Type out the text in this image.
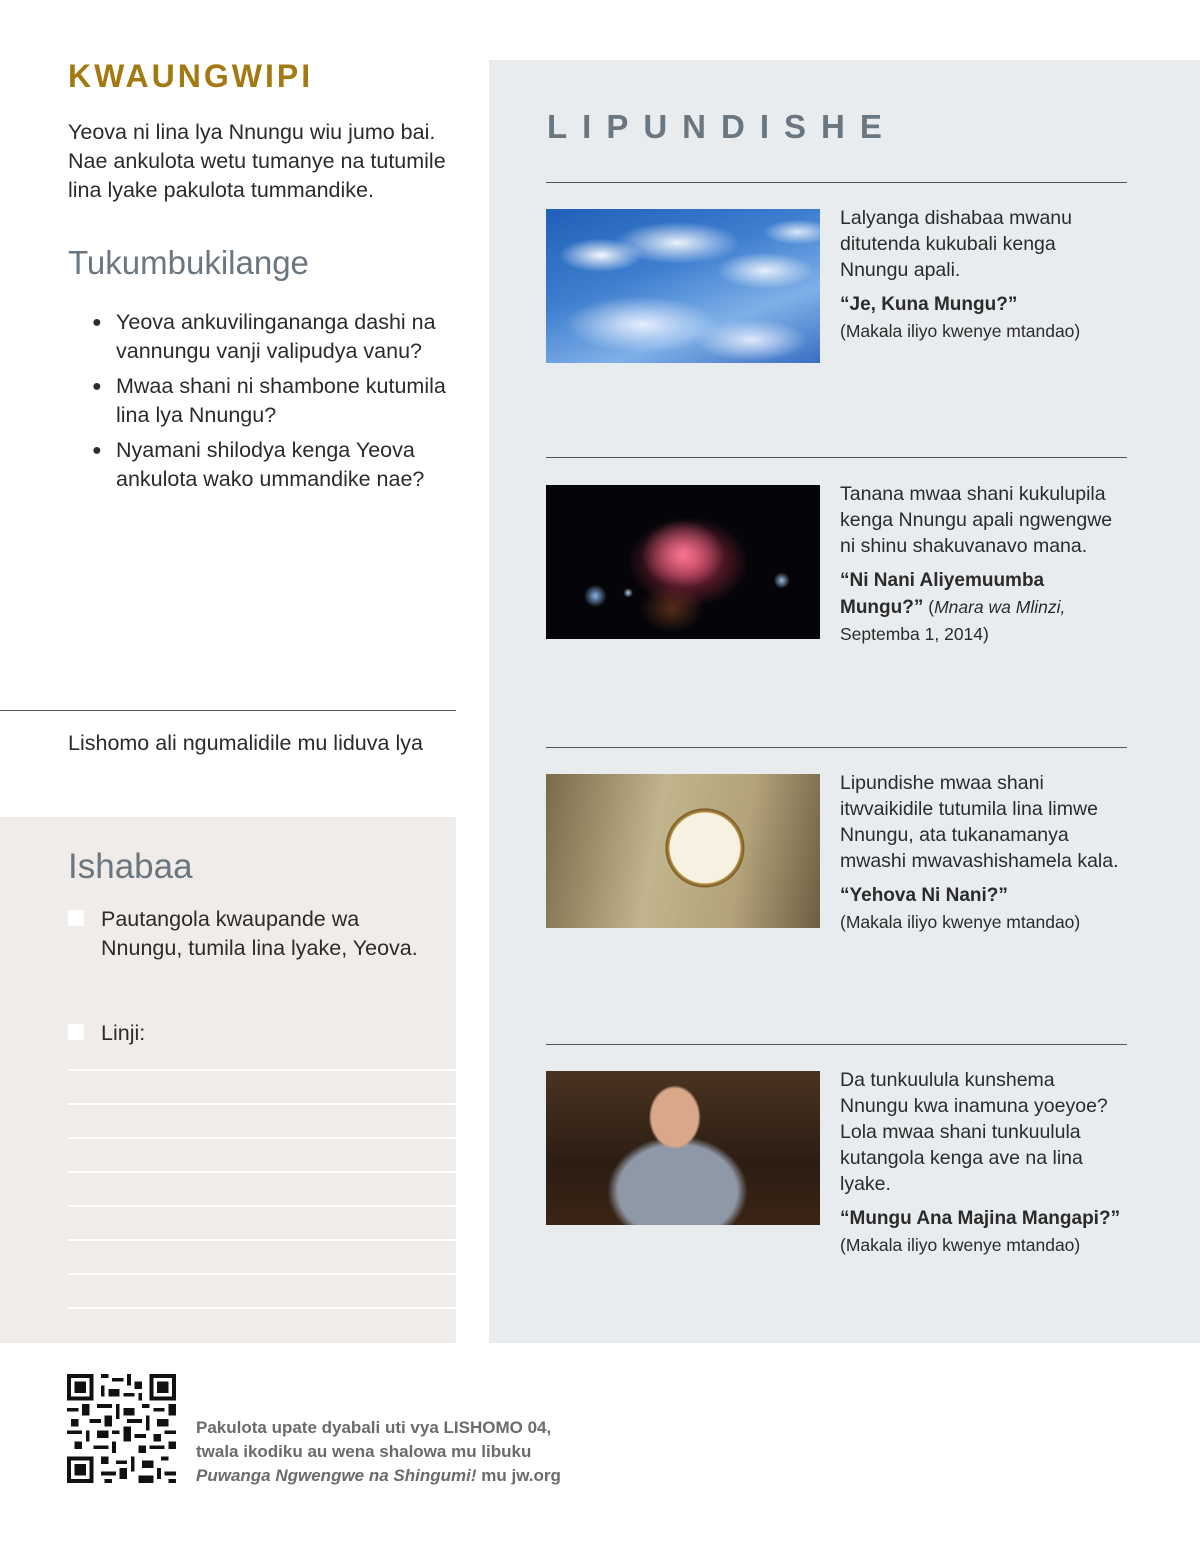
KWAUNGWIPI

Yeova ni lina lya Nnungu wiu jumo bai. Nae ankulota wetu tumanye na tutumile lina lyake pakulota tummandike.

Tukumbukilange
● Yeova ankuvilingananga dashi na vannungu vanji valipudya vanu?
● Mwaa shani ni shambone kutumila lina lya Nnungu?
● Nyamani shilodya kenga Yeova ankulota wako ummandike nae?

Lishomo ali ngumalidile mu liduva lya

Ishabaa
Pautangola kwaupande wa Nnungu, tumila lina lyake, Yeova.
Linji:
LIPUNDISHE

Lalyanga dishabaa mwanu ditutenda kukubali kenga Nnungu apali.

“Je, Kuna Mungu?”
(Makala iliyo kwenye mtandao)

Tanana mwaa shani kukulupila kenga Nnungu apali ngwengwe ni shinu shakuvanavo mana.

“Ni Nani Aliyemuumba Mungu?” (Mnara wa Mlinzi, Septemba 1, 2014)

Lipundishe mwaa shani itwvaikidile tutumila lina limwe Nnungu, ata tukanamanya mwashi mwavashishamela kala.

“Yehova Ni Nani?”
(Makala iliyo kwenye mtandao)

Da tunkuulula kunshema Nnungu kwa inamuna yoeyoe? Lola mwaa shani tunkuulula kutangola kenga ave na lina lyake.

“Mungu Ana Majina Mangapi?” (Makala iliyo kwenye mtandao)

Pakulota upate dyabali uti vya LISHOMO 04,
twala ikodiku au wena shalowa mu libuku
Puwanga Ngwengwe na Shingumi! mu jw.org
